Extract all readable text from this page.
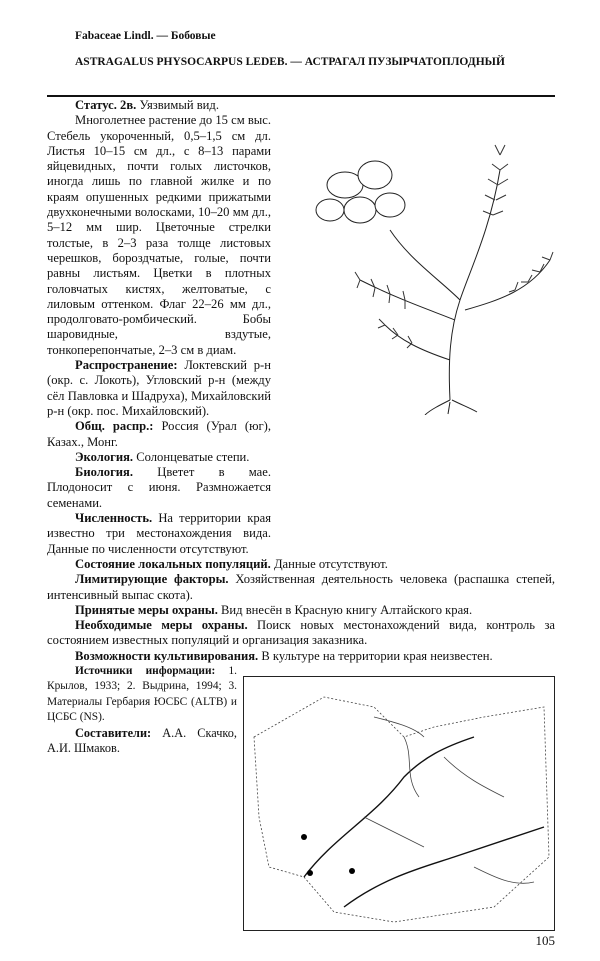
Fabaceae Lindl. — Бобовые
ASTRAGALUS PHYSOCARPUS LEDEB. — АСТРАГАЛ ПУЗЫРЧАТОПЛОДНЫЙ

Статус. 2в. Уязвимый вид.

Многолетнее растение до 15 см выс. Стебель укороченный, 0,5–1,5 см дл. Листья 10–15 см дл., с 8–13 парами яйцевидных, почти голых листочков, иногда лишь по главной жилке и по краям опушенных редкими прижатыми двухконечными волосками, 10–20 мм дл., 5–12 мм шир. Цветочные стрелки толстые, в 2–3 раза толще листовых черешков, бороздчатые, голые, почти равны листьям. Цветки в плотных головчатых кистях, желтоватые, с лиловым оттенком. Флаг 22–26 мм дл., продолговато-ромбический. Бобы шаровидные, вздутые, тонкоперепончатые, 2–3 см в диам.

Распространение: Локтевский р-н (окр. с. Локоть), Угловский р-н (между сёл Павловка и Шадруха), Михайловский р-н (окр. пос. Михайловский).

Общ. распр.: Россия (Урал (юг), Казах., Монг.

Экология. Солонцеватые степи.

Биология. Цветет в мае. Плодоносит с июня. Размножается семенами.

Численность. На территории края известно три местонахождения вида. Данные по численности отсутствуют.

Состояние локальных популяций. Данные отсутствуют.

Лимитирующие факторы. Хозяйственная деятельность человека (распашка степей, интенсивный выпас скота).

Принятые меры охраны. Вид внесён в Красную книгу Алтайского края.

Необходимые меры охраны. Поиск новых местонахождений вида, контроль за состоянием известных популяций и организация заказника.

Возможности культивирования. В культуре на территории края неизвестен.

Источники информации: 1. Крылов, 1933; 2. Выдрина, 1994; 3. Материалы Гербария ЮСБС (ALTB) и ЦСБС (NS).

Составители: А.А. Скачко, А.И. Шмаков.

105
